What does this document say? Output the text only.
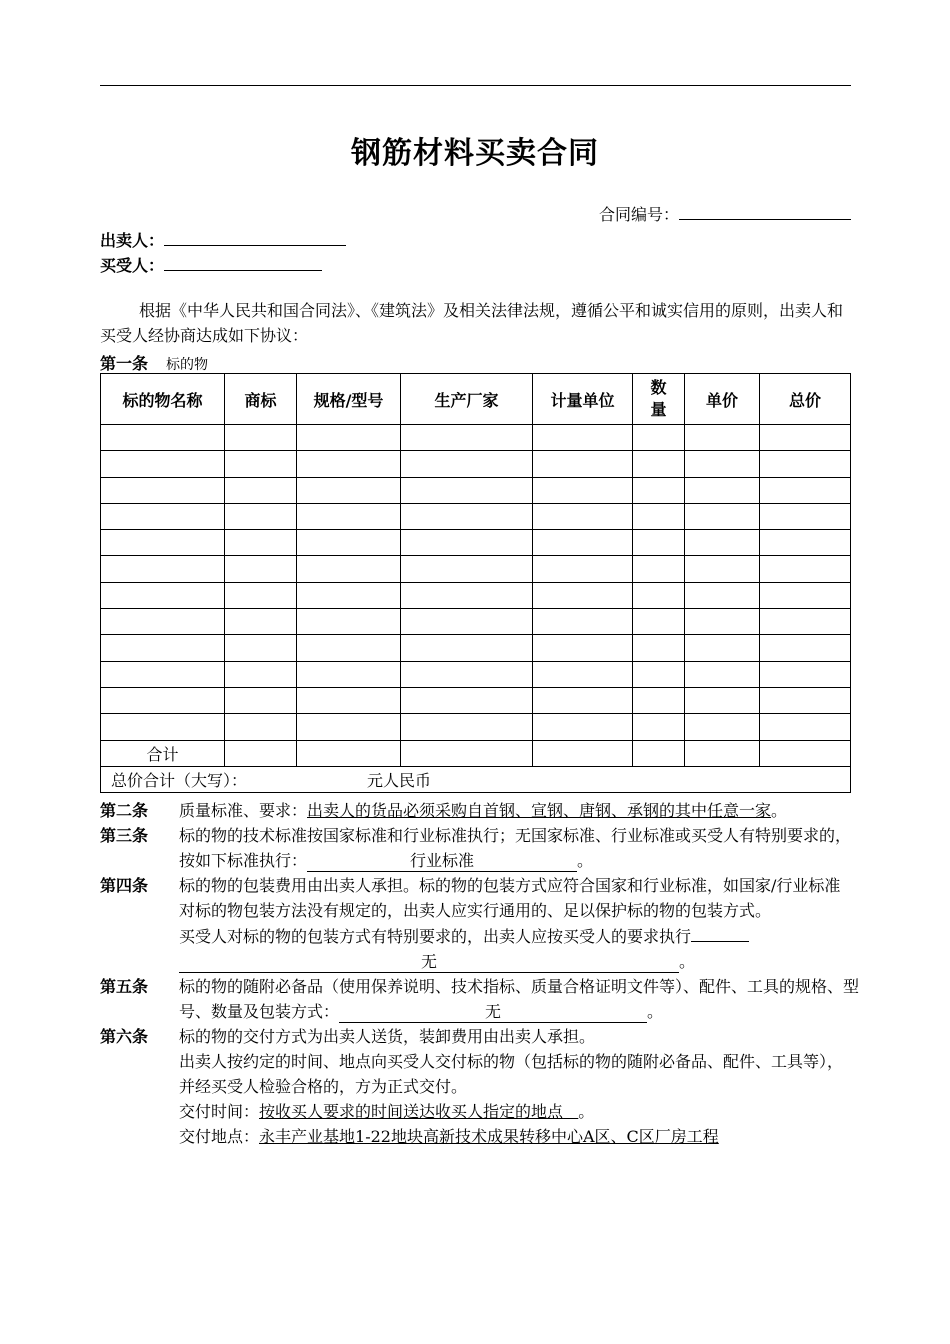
钢筋材料买卖合同
合同编号：
出卖人：
买受人：
根据《中华人民共和国合同法》、《建筑法》及相关法律法规，遵循公平和诚实信用的原则，出卖人和买受人经协商达成如下协议：
第一条 标的物
标的物名称	商标	规格/型号	生产厂家	计量单位	数量	单价	总价

合计							
总价合计（大写）： 元人民币							
第二条	质量标准、要求：出卖人的货品必须采购自首钢、宣钢、唐钢、承钢的其中任意一家。
第三条	标的物的技术标准按国家标准和行业标准执行；无国家标准、行业标准或买受人有特别要求的，按如下标准执行：	行业标准	。
第四条	标的物的包装费用由出卖人承担。标的物的包装方式应符合国家和行业标准，如国家/行业标准对标的物包装方法没有规定的，出卖人应实行通用的、足以保护标的物的包装方式。
买受人对标的物的包装方式有特别要求的，出卖人应按买受人的要求执行
无	。
第五条	标的物的随附必备品（使用保养说明、技术指标、质量合格证明文件等）、配件、工具的规格、型号、数量及包装方式：	无	。
第六条	标的物的交付方式为出卖人送货，装卸费用由出卖人承担。
出卖人按约定的时间、地点向买受人交付标的物（包括标的物的随附必备品、配件、工具等），并经买受人检验合格的，方为正式交付。
交付时间：按收买人要求的时间送达收买人指定的地点 。
交付地点：永丰产业基地1-22地块高新技术成果转移中心A区、C区厂房工程
